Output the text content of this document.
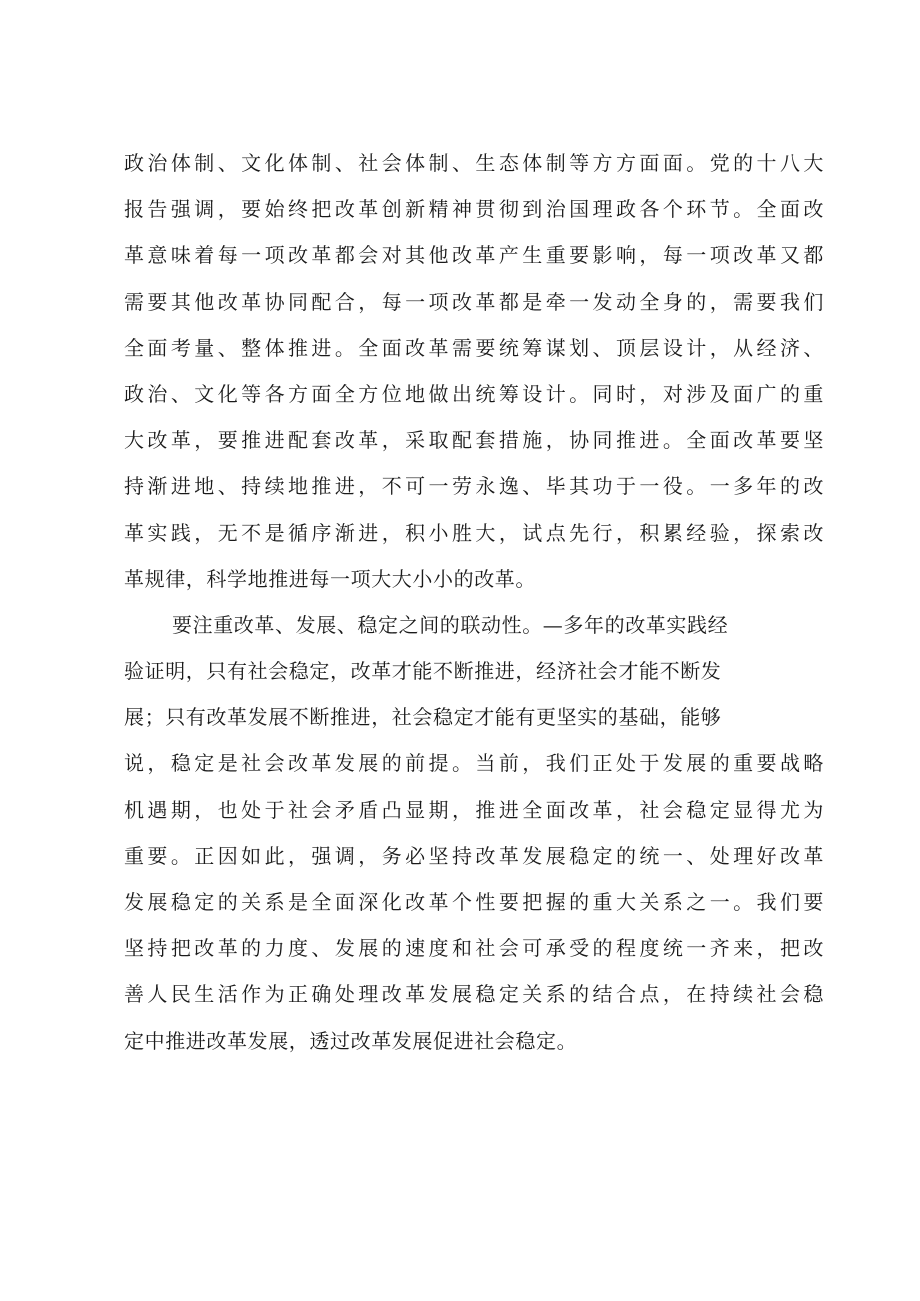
政治体制、文化体制、社会体制、生态体制等方方面面。党的十八大
报告强调，要始终把改革创新精神贯彻到治国理政各个环节。全面改
革意味着每一项改革都会对其他改革产生重要影响，每一项改革又都
需要其他改革协同配合，每一项改革都是牵一发动全身的，需要我们
全面考量、整体推进。全面改革需要统筹谋划、顶层设计，从经济、
政治、文化等各方面全方位地做出统筹设计。同时，对涉及面广的重
大改革，要推进配套改革，采取配套措施，协同推进。全面改革要坚
持渐进地、持续地推进，不可一劳永逸、毕其功于一役。一多年的改
革实践，无不是循序渐进，积小胜大，试点先行，积累经验，探索改
革规律，科学地推进每一项大大小小的改革。
要注重改革、发展、稳定之间的联动性。—多年的改革实践经
验证明，只有社会稳定，改革才能不断推进，经济社会才能不断发
展；只有改革发展不断推进，社会稳定才能有更坚实的基础，能够
说，稳定是社会改革发展的前提。当前，我们正处于发展的重要战略
机遇期，也处于社会矛盾凸显期，推进全面改革，社会稳定显得尤为
重要。正因如此，强调，务必坚持改革发展稳定的统一、处理好改革
发展稳定的关系是全面深化改革个性要把握的重大关系之一。我们要
坚持把改革的力度、发展的速度和社会可承受的程度统一齐来，把改
善人民生活作为正确处理改革发展稳定关系的结合点，在持续社会稳
定中推进改革发展，透过改革发展促进社会稳定。
